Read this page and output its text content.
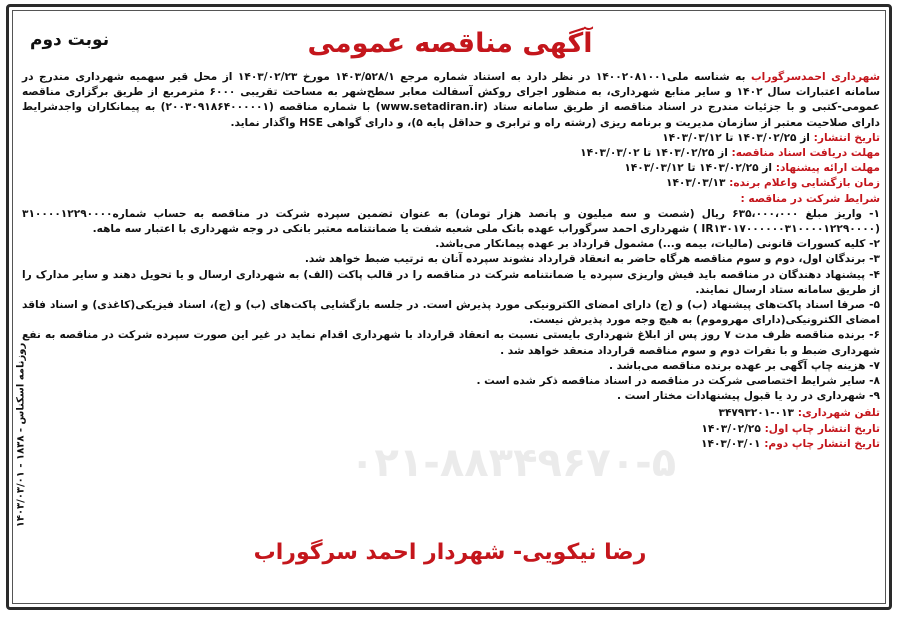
۰۲۱-۸۸۳۴۹۶۷۰-۵
نوبت دوم	آگهی مناقصه عمومی

شهرداری احمدسرگوراب به شناسه ملی۱۴۰۰۲۰۸۱۰۰۱ در نظر دارد به استناد شماره مرجع ۱۴۰۳/۵۲۸/۱ مورخ ۱۴۰۳/۰۲/۲۳ از محل قیر سهمیه شهرداری مندرج در سامانه اعتبارات سال ۱۴۰۲ و سایر منابع شهرداری، به منظور اجرای روکش آسفالت معابر سطح‌شهر به مساحت تقریبی ۶۰۰۰ مترمربع از طریق برگزاری مناقصه عمومی-کتبی و با جزئیات مندرج در اسناد مناقصه از طریق سامانه ستاد (www.setadiran.ir) با شماره مناقصه (۲۰۰۳۰۹۱۸۶۴۰۰۰۰۰۱) به پیمانکاران واجدشرایط دارای صلاحیت معتبر از سازمان مدیریت و برنامه ریزی (رشته راه و ترابری و حداقل پایه ۵)، و دارای گواهی HSE واگذار نماید.

تاریخ انتشار: از ۱۴۰۳/۰۲/۲۵ تا ۱۴۰۳/۰۳/۱۲

مهلت دریافت اسناد مناقصه: از ۱۴۰۳/۰۲/۲۵ تا ۱۴۰۳/۰۳/۰۲

مهلت ارائه پیشنهاد: از ۱۴۰۳/۰۲/۲۵ تا ۱۴۰۳/۰۳/۱۲

زمان بازگشایی واعلام برنده: ۱۴۰۳/۰۳/۱۳

شرایط شرکت در مناقصه :

۱- واریز مبلغ ۶۳۵،۰۰۰،۰۰۰ ریال (شصت و سه میلیون و پانصد هزار تومان) به عنوان تضمین سپرده شرکت در مناقصه به حساب شماره۳۱۰۰۰۰۱۲۲۹۰۰۰۰ (IR۱۳۰۱۷۰۰۰۰۰۰۳۱۰۰۰۰۱۲۲۹۰۰۰۰ ) شهرداری احمد سرگوراب عهده بانک ملی شعبه شفت یا ضمانتنامه معتبر بانکی در وجه شهرداری با اعتبار سه ماهه.

۲- کلیه کسورات قانونی (مالیات، بیمه و...) مشمول قرارداد بر عهده پیمانکار می‌باشد.

۳- برندگان اول، دوم و سوم مناقصه هرگاه حاضر به انعقاد قرارداد نشوند سپرده آنان به ترتیب ضبط خواهد شد.

۴- پیشنهاد دهندگان در مناقصه باید فیش واریزی سپرده یا ضمانتنامه شرکت در مناقصه را در قالب پاکت (الف) به شهرداری ارسال و یا تحویل دهند و سایر مدارک را از طریق سامانه ستاد ارسال نمایند.

۵- صرفا اسناد پاکت‌های پیشنهاد (ب) و (ج) دارای امضای الکترونیکی مورد پذیرش است. در جلسه بازگشایی پاکت‌های (ب) و (ج)، اسناد فیزیکی(کاغذی) و اسناد فاقد امضای الکترونیکی(دارای مهروموم) به هیچ وجه مورد پذیرش نیست.

۶- برنده مناقصه ظرف مدت ۷ روز پس از ابلاغ شهرداری بایستی نسبت به انعقاد قرارداد با شهرداری اقدام نماید در غیر این صورت سپرده شرکت در مناقصه به نفع شهرداری ضبط و با نفرات دوم و سوم مناقصه قرارداد منعقد خواهد شد .

۷- هزینه چاپ آگهی بر عهده برنده مناقصه می‌باشد .

۸- سایر شرایط اختصاصی شرکت در مناقصه در اسناد مناقصه ذکر شده است .

۹- شهرداری در رد یا قبول پیشنهادات مختار است .

تلفن شهرداری: ۰۱۳-۳۴۷۹۳۲۰۱

تاریخ انتشار چاپ اول: ۱۴۰۳/۰۲/۲۵

تاریخ انتشار چاپ دوم: ۱۴۰۳/۰۳/۰۱

روزنامه اسکناس - ۱۸۳۸ - ۱۴۰۳/۰۳/۰۱
رضا نیکویی- شهردار احمد سرگوراب
